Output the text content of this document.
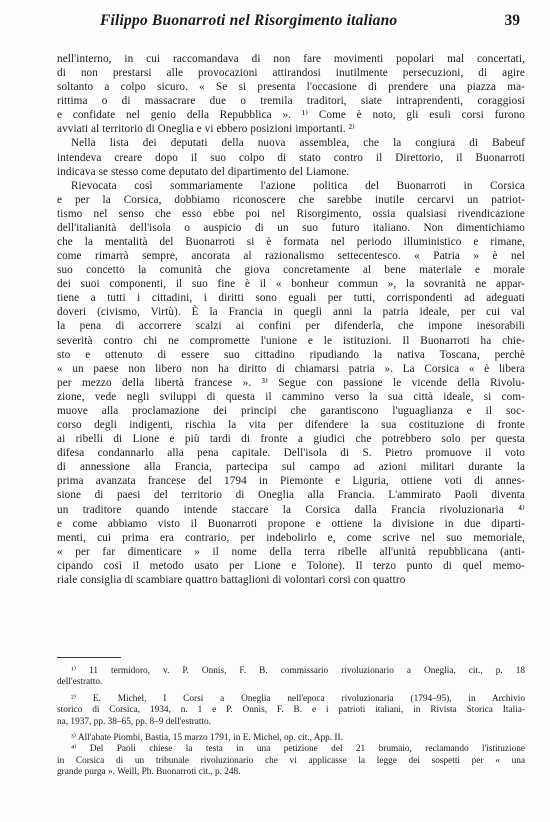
Filippo Buonarroti nel Risorgimento italiano	39
nell'interno, in cui raccomandava di non fare movimenti popolari mal concertati,
di non prestarsi alle provocazioni attirandosi inutilmente persecuzioni, di agire
soltanto a colpo sicuro. « Se si presenta l'occasione di prendere una piazza ma-
rittima o di massacrare due o tremila traditori, siate intraprendenti, coraggiosi
e confidate nel genio della Repubblica ». ¹⁾ Come è noto, gli esuli corsi furono
avviati al territorio di Oneglia e vi ebbero posizioni importanti. ²⁾
Nella lista dei deputati della nuova assemblea, che la congiura di Babeuf
intendeva creare dopo il suo colpo di stato contro il Direttorio, il Buonarroti
indicava se stesso come deputato del dipartimento del Liamone.
Rievocata così sommariamente l'azione politica del Buonarroti in Corsica
e per la Corsica, dobbiamo riconoscere che sarebbe inutile cercarvi un patriot-
tismo nel senso che esso ebbe poi nel Risorgimento, ossia qualsiasi rivendicazione
dell'italianità dell'isola o auspicio di un suo futuro italiano. Non dimentichiamo
che la mentalità del Buonarroti si è formata nel periodo illuministico e rimane,
come rimarrà sempre, ancorata al razionalismo settecentesco. « Patria » è nel
suo concetto la comunità che giova concretamente al bene materiale e morale
dei suoi componenti, il suo fine è il « bonheur commun », la sovranità ne appar-
tiene a tutti i cittadini, i diritti sono eguali per tutti, corrispondenti ad adeguati
doveri (civismo, Virtù). È la Francia in quegli anni la patria ideale, per cui val
la pena di accorrere scalzi ai confini per difenderla, che impone inesorabili
severità contro chi ne compromette l'unione e le istituzioni. Il Buonarroti ha chie-
sto e ottenuto di essere suo cittadino ripudiando la nativa Toscana, perchè
« un paese non libero non ha diritto di chiamarsi patria ». La Corsica « è libera
per mezzo della libertà francese ». ³⁾ Segue con passione le vicende della Rivolu-
zione, vede negli sviluppi di questa il cammino verso la sua città ideale, si com-
muove alla proclamazione dei principi che garantiscono l'uguaglianza e il soc-
corso degli indigenti, rischia la vita per difendere la sua costituzione di fronte
ai ribelli di Lione e più tardi di fronte a giudici che potrebbero solo per questa
difesa condannarlo alla pena capitale. Dell'isola di S. Pietro promuove il voto
di annessione alla Francia, partecipa sul campo ad azioni militari durante la
prima avanzata francese del 1794 in Piemonte e Liguria, ottiene voti di annes-
sione di paesi del territorio di Oneglia alla Francia. L'ammirato Paoli diventa
un traditore quando intende staccare la Corsica dalla Francia rivoluzionaria ⁴⁾
e come abbiamo visto il Buonarroti propone e ottiene la divisione in due diparti-
menti, cui prima era contrario, per indebolirlo e, come scrive nel suo memoriale,
« per far dimenticare » il nome della terra ribelle all'unità repubblicana (anti-
cipando così il metodo usato per Lione e Tolone). Il terzo punto di quel memo-
riale consiglia di scambiare quattro battaglioni di volontari corsi con quattro
¹⁾ 11 termidoro, v. P. Onnis, F. B. commissario rivoluzionario a Oneglia, cit., p. 18
dell'estratto.
²⁾ E. Michel, I Corsi a Oneglia nell'epoca rivoluzionaria (1794–95), in Archivio
storico di Corsica, 1934, n. 1 e P. Onnis, F. B. e i patrioti italiani, in Rivista Storica Italia-
na, 1937, pp. 38–65, pp. 8–9 dell'estratto.
³⁾ All'abate Piombi, Bastia, 15 marzo 1791, in E. Michel, op. cit., App. II.
⁴⁾ Del Paoli chiese la testa in una petizione del 21 brumaio, reclamando l'istituzione
in Corsica di un tribunale rivoluzionario che vi applicasse la legge dei sospetti per « una
grande purga ». Weill, Ph. Buonarroti cit., p. 248.
